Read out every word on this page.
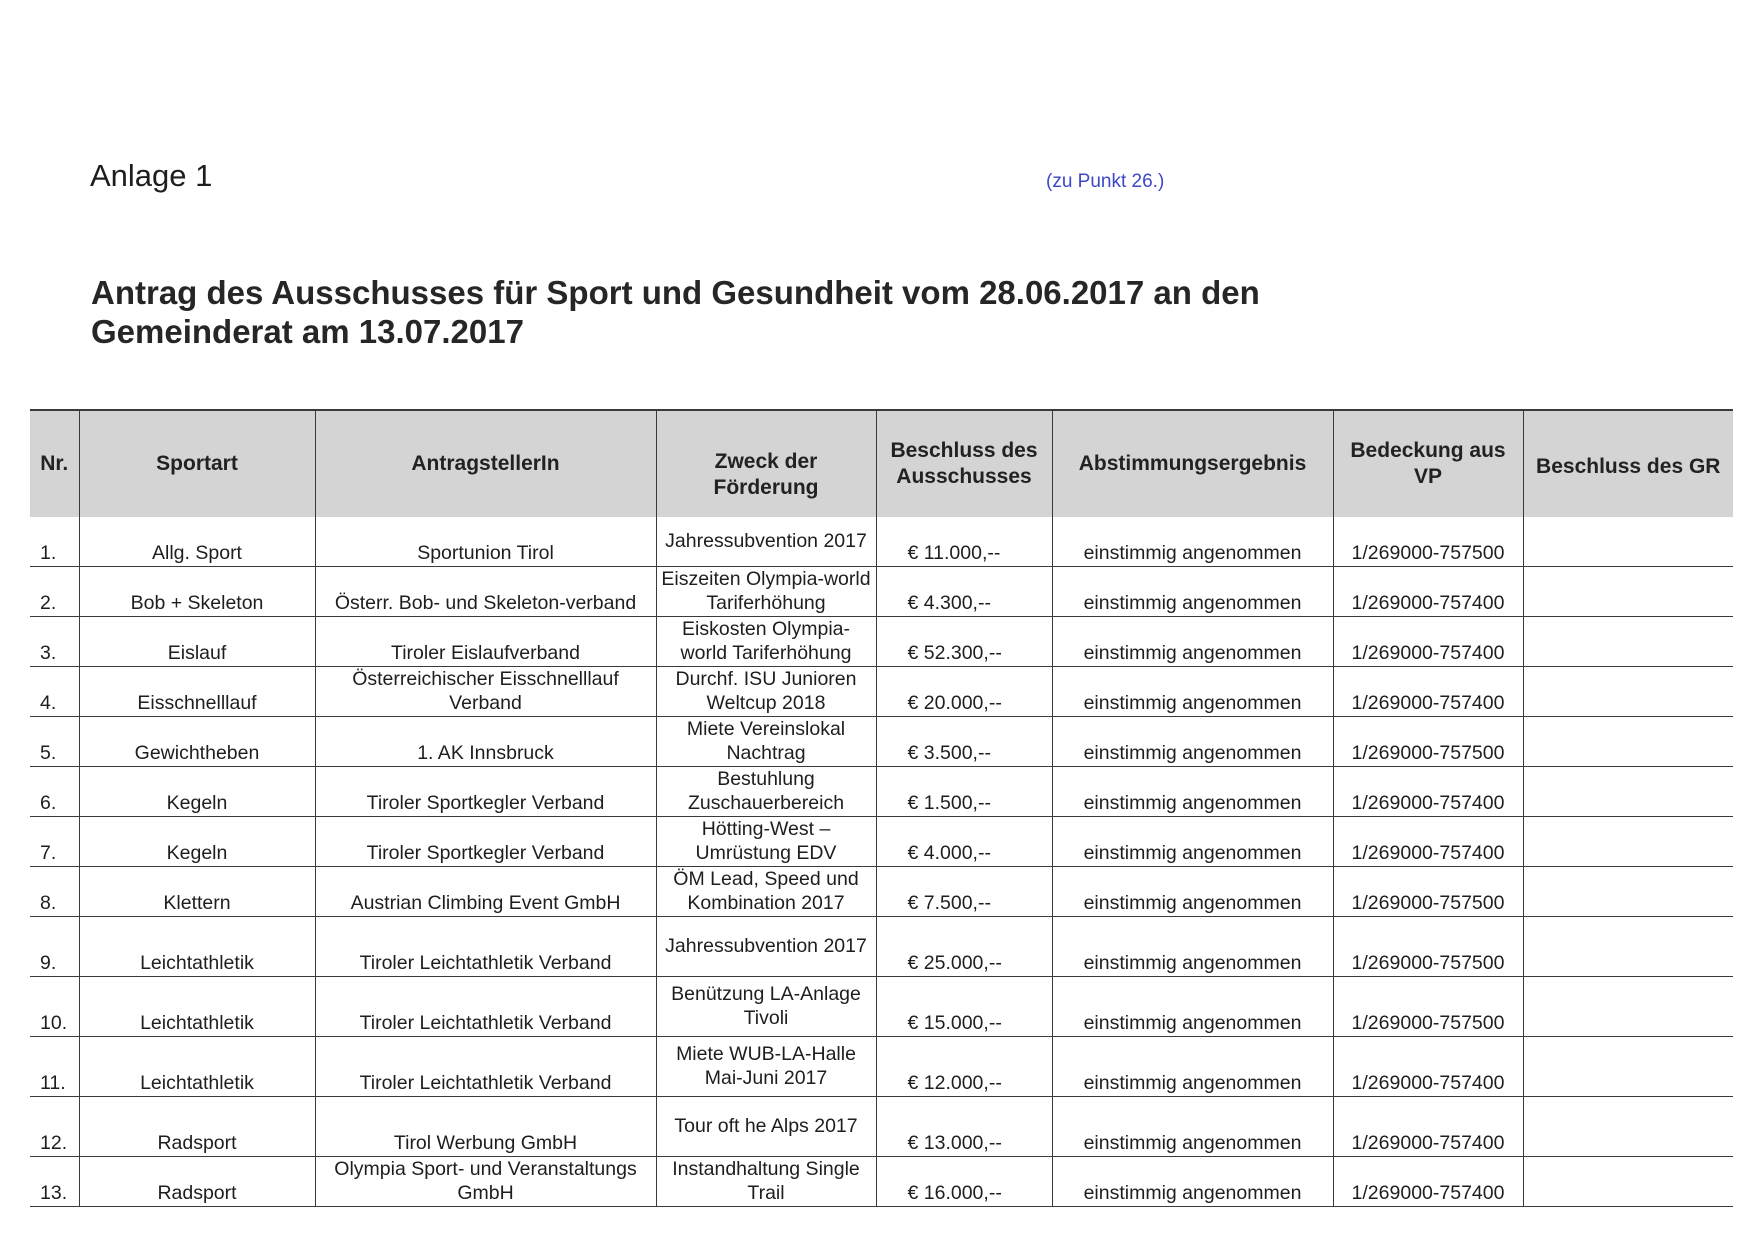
Anlage 1	(zu Punkt 26.)
Antrag des Ausschusses für Sport und Gesundheit vom 28.06.2017 an den
Gemeinderat am 13.07.2017
Nr.	Sportart	AntragstellerIn	Zweck der Förderung	Beschluss des Ausschusses	Abstimmungsergebnis	Bedeckung aus VP	Beschluss des GR
1.	Allg. Sport	Sportunion Tirol	Jahressubvention 2017	€ 11.000,--	einstimmig angenommen	1/269000-757500	
2.	Bob + Skeleton	Österr. Bob- und Skeleton-verband	Eiszeiten Olympia-world Tariferhöhung	€ 4.300,--	einstimmig angenommen	1/269000-757400	
3.	Eislauf	Tiroler Eislaufverband	Eiskosten Olympia-world Tariferhöhung	€ 52.300,--	einstimmig angenommen	1/269000-757400	
4.	Eisschnelllauf	Österreichischer Eisschnelllauf Verband	Durchf. ISU Junioren Weltcup 2018	€ 20.000,--	einstimmig angenommen	1/269000-757400	
5.	Gewichtheben	1. AK Innsbruck	Miete Vereinslokal Nachtrag	€ 3.500,--	einstimmig angenommen	1/269000-757500	
6.	Kegeln	Tiroler Sportkegler Verband	Bestuhlung Zuschauerbereich	€ 1.500,--	einstimmig angenommen	1/269000-757400	
7.	Kegeln	Tiroler Sportkegler Verband	Hötting-West – Umrüstung EDV	€ 4.000,--	einstimmig angenommen	1/269000-757400	
8.	Klettern	Austrian Climbing Event GmbH	ÖM Lead, Speed und Kombination 2017	€ 7.500,--	einstimmig angenommen	1/269000-757500	
9.	Leichtathletik	Tiroler Leichtathletik Verband	Jahressubvention 2017	€ 25.000,--	einstimmig angenommen	1/269000-757500	
10.	Leichtathletik	Tiroler Leichtathletik Verband	Benützung LA-Anlage Tivoli	€ 15.000,--	einstimmig angenommen	1/269000-757500	
11.	Leichtathletik	Tiroler Leichtathletik Verband	Miete WUB-LA-Halle Mai-Juni 2017	€ 12.000,--	einstimmig angenommen	1/269000-757400	
12.	Radsport	Tirol Werbung GmbH	Tour oft he Alps 2017	€ 13.000,--	einstimmig angenommen	1/269000-757400	
13.	Radsport	Olympia Sport- und Veranstaltungs GmbH	Instandhaltung Single Trail	€ 16.000,--	einstimmig angenommen	1/269000-757400	
